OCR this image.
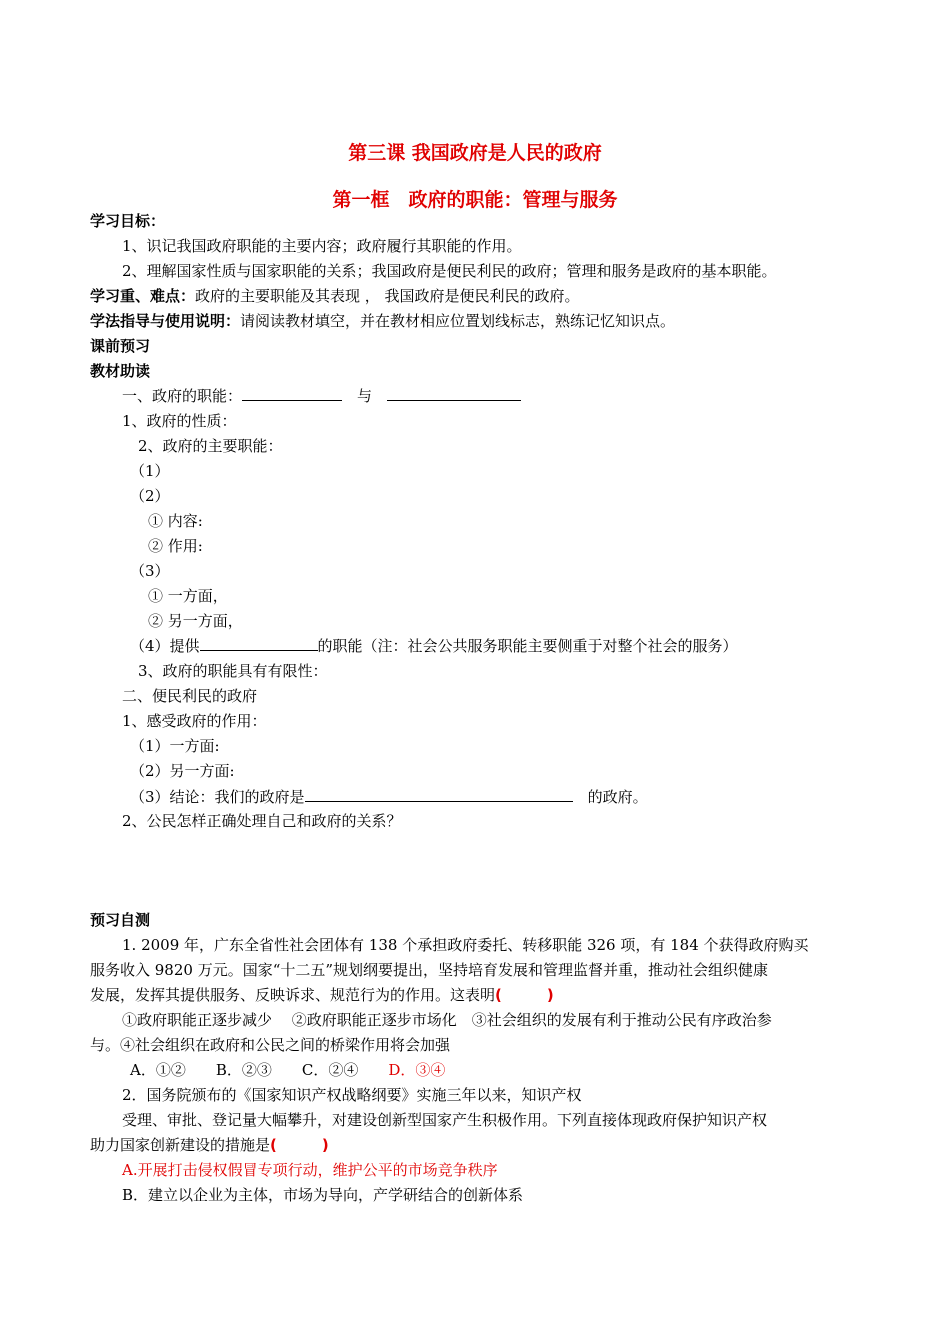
第三课 我国政府是人民的政府
第一框　政府的职能：管理与服务
学习目标：
1、识记我国政府职能的主要内容；政府履行其职能的作用。
2、理解国家性质与国家职能的关系；我国政府是便民利民的政府；管理和服务是政府的基本职能。
学习重、难点：政府的主要职能及其表现 ， 我国政府是便民利民的政府。
学法指导与使用说明：请阅读教材填空，并在教材相应位置划线标志，熟练记忆知识点。
课前预习
教材助读
一、政府的职能：　	与　
1、政府的性质：
2、政府的主要职能：
（1）
（2）
① 内容:
② 作用:
（3）
① 一方面，
② 另一方面，
（4）提供	的职能（注：社会公共服务职能主要侧重于对整个社会的服务）
3、政府的职能具有有限性：
二、便民利民的政府
1、感受政府的作用：
（1）一方面:
（2）另一方面:
（3）结论：我们的政府是　	的政府。
2、公民怎样正确处理自己和政府的关系？
预习自测
1. 2009 年，广东全省性社会团体有 138 个承担政府委托、转移职能 326 项，有 184 个获得政府购买
服务收入 9820 万元。国家“十二五”规划纲要提出，坚持培育发展和管理监督并重，推动社会组织健康
发展，发挥其提供服务、反映诉求、规范行为的作用。这表明(　　　)
①政府职能正逐步减少　 ②政府职能正逐步市场化　③社会组织的发展有利于推动公民有序政治参
与。④社会组织在政府和公民之间的桥梁作用将会加强
A．①②　　 B．②③　　 C．②④　　 D．③④
2．国务院颁布的《国家知识产权战略纲要》实施三年以来，知识产权
受理、审批、登记量大幅攀升，对建设创新型国家产生积极作用。下列直接体现政府保护知识产权
助力国家创新建设的措施是(　　　)
A.开展打击侵权假冒专项行动，维护公平的市场竞争秩序
B．建立以企业为主体，市场为导向，产学研结合的创新体系
